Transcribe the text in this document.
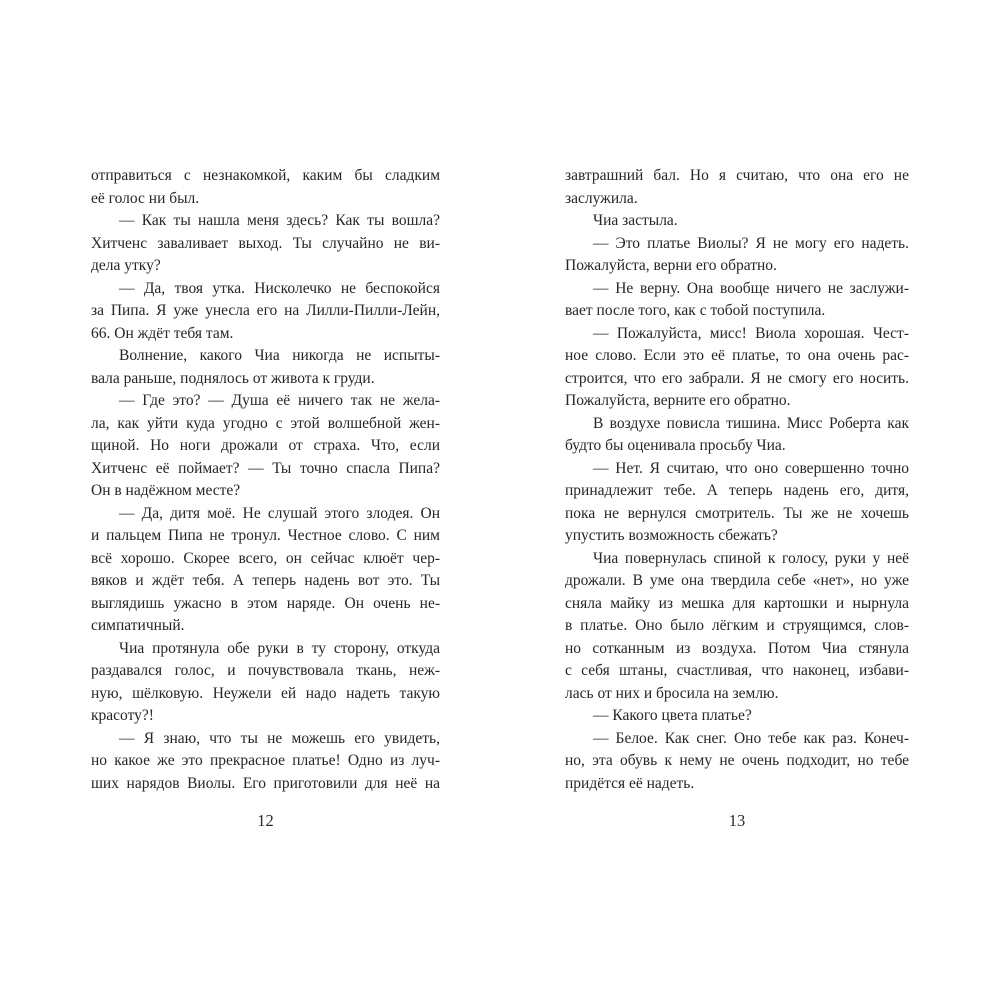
отправиться с незнакомкой, каким бы сладким
её голос ни был.
— Как ты нашла меня здесь? Как ты вошла?
Хитченс заваливает выход. Ты случайно не ви-
дела утку?
— Да, твоя утка. Нисколечко не беспокойся
за Пипа. Я уже унесла его на Лилли-Пилли-Лейн,
66. Он ждёт тебя там.
Волнение, какого Чиа никогда не испыты-
вала раньше, поднялось от живота к груди.
— Где это? — Душа её ничего так не жела-
ла, как уйти куда угодно с этой волшебной жен-
щиной. Но ноги дрожали от страха. Что, если
Хитченс её поймает? — Ты точно спасла Пипа?
Он в надёжном месте?
— Да, дитя моё. Не слушай этого злодея. Он
и пальцем Пипа не тронул. Честное слово. С ним
всё хорошо. Скорее всего, он сейчас клюёт чер-
вяков и ждёт тебя. А теперь надень вот это. Ты
выглядишь ужасно в этом наряде. Он очень не-
симпатичный.
Чиа протянула обе руки в ту сторону, откуда
раздавался голос, и почувствовала ткань, неж-
ную, шёлковую. Неужели ей надо надеть такую
красоту?!
— Я знаю, что ты не можешь его увидеть,
но какое же это прекрасное платье! Одно из луч-
ших нарядов Виолы. Его приготовили для неё на
завтрашний бал. Но я считаю, что она его не
заслужила.
Чиа застыла.
— Это платье Виолы? Я не могу его надеть.
Пожалуйста, верни его обратно.
— Не верну. Она вообще ничего не заслужи-
вает после того, как с тобой поступила.
— Пожалуйста, мисс! Виола хорошая. Чест-
ное слово. Если это её платье, то она очень рас-
строится, что его забрали. Я не смогу его носить.
Пожалуйста, верните его обратно.
В воздухе повисла тишина. Мисс Роберта как
будто бы оценивала просьбу Чиа.
— Нет. Я считаю, что оно совершенно точно
принадлежит тебе. А теперь надень его, дитя,
пока не вернулся смотритель. Ты же не хочешь
упустить возможность сбежать?
Чиа повернулась спиной к голосу, руки у неё
дрожали. В уме она твердила себе «нет», но уже
сняла майку из мешка для картошки и нырнула
в платье. Оно было лёгким и струящимся, слов-
но сотканным из воздуха. Потом Чиа стянула
с себя штаны, счастливая, что наконец, избави-
лась от них и бросила на землю.
— Какого цвета платье?
— Белое. Как снег. Оно тебе как раз. Конеч-
но, эта обувь к нему не очень подходит, но тебе
придётся её надеть.
12	13
